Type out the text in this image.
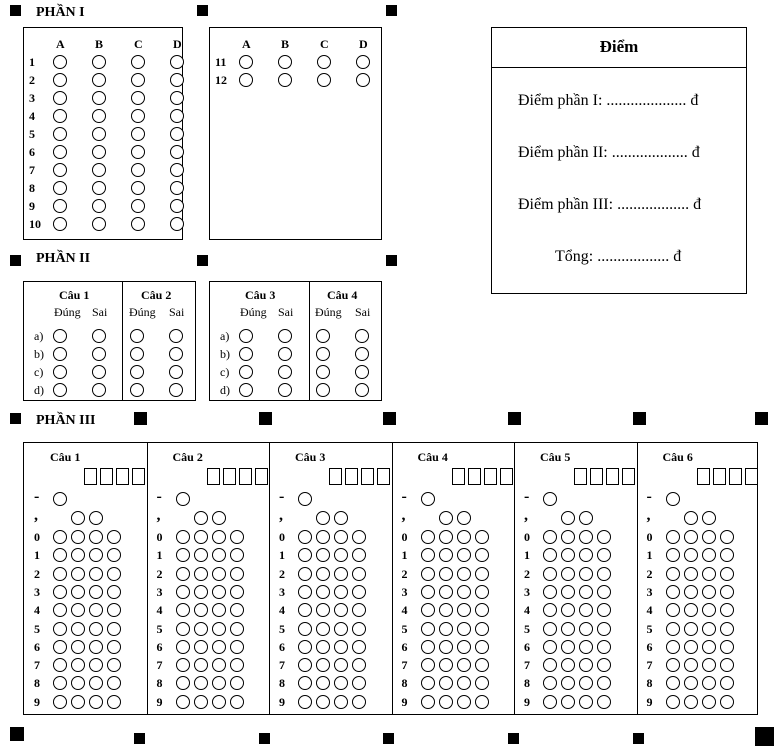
PHẦN I
PHẦN II
PHẦN III
A	B	C	D
1
2
3
4
5
6
7
8
9
10
A	B	C	D
11
12
Điểm
Điểm phần I: .................... đ
Điểm phần II: ................... đ
Điểm phần III: .................. đ
Tổng: .................. đ
Câu 1
Đúng Sai
a)
b)
c)
d)
Câu 2
Đúng Sai
Câu 3
Đúng Sai
a)
b)
c)
d)
Câu 4
Đúng Sai
Câu 1
-
,
0
1
2
3
4
5
6
7
8
9
Câu 2
-
,
0
1
2
3
4
5
6
7
8
9
Câu 3
-
,
0
1
2
3
4
5
6
7
8
9
Câu 4
-
,
0
1
2
3
4
5
6
7
8
9
Câu 5
-
,
0
1
2
3
4
5
6
7
8
9
Câu 6
-
,
0
1
2
3
4
5
6
7
8
9
